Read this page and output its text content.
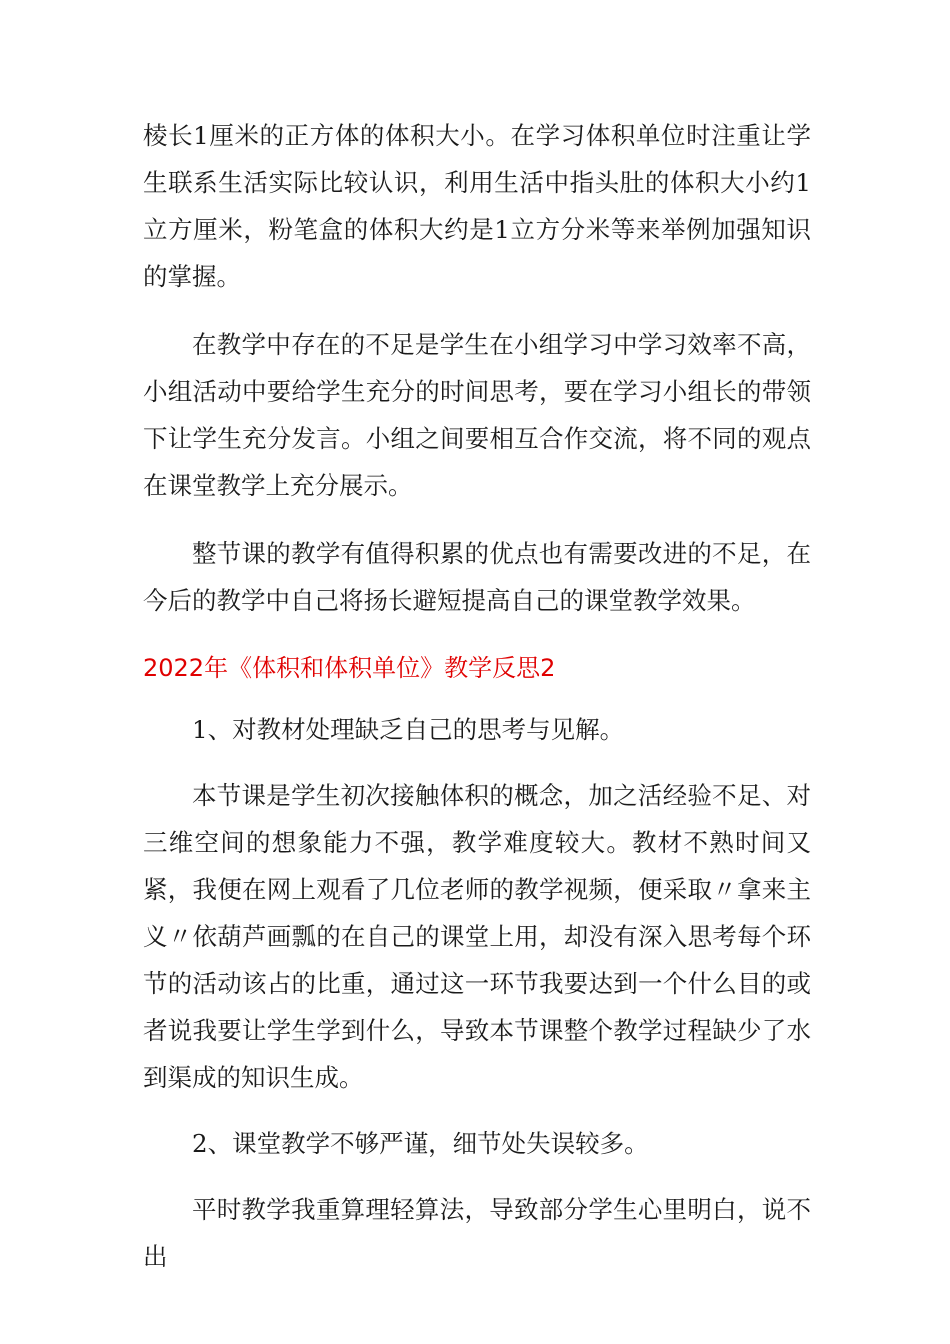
棱长1厘米的正方体的体积大小。在学习体积单位时注重让学生联系生活实际比较认识，利用生活中指头肚的体积大小约1立方厘米，粉笔盒的体积大约是1立方分米等来举例加强知识的掌握。

在教学中存在的不足是学生在小组学习中学习效率不高，小组活动中要给学生充分的时间思考，要在学习小组长的带领下让学生充分发言。小组之间要相互合作交流，将不同的观点在课堂教学上充分展示。

整节课的教学有值得积累的优点也有需要改进的不足，在今后的教学中自己将扬长避短提高自己的课堂教学效果。

2022年《体积和体积单位》教学反思2

1、对教材处理缺乏自己的思考与见解。

本节课是学生初次接触体积的概念，加之活经验不足、对三维空间的想象能力不强，教学难度较大。教材不熟时间又紧，我便在网上观看了几位老师的教学视频，便采取〃拿来主义〃依葫芦画瓢的在自己的课堂上用，却没有深入思考每个环节的活动该占的比重，通过这一环节我要达到一个什么目的或者说我要让学生学到什么，导致本节课整个教学过程缺少了水到渠成的知识生成。

2、课堂教学不够严谨，细节处失误较多。

平时教学我重算理轻算法，导致部分学生心里明白，说不出
